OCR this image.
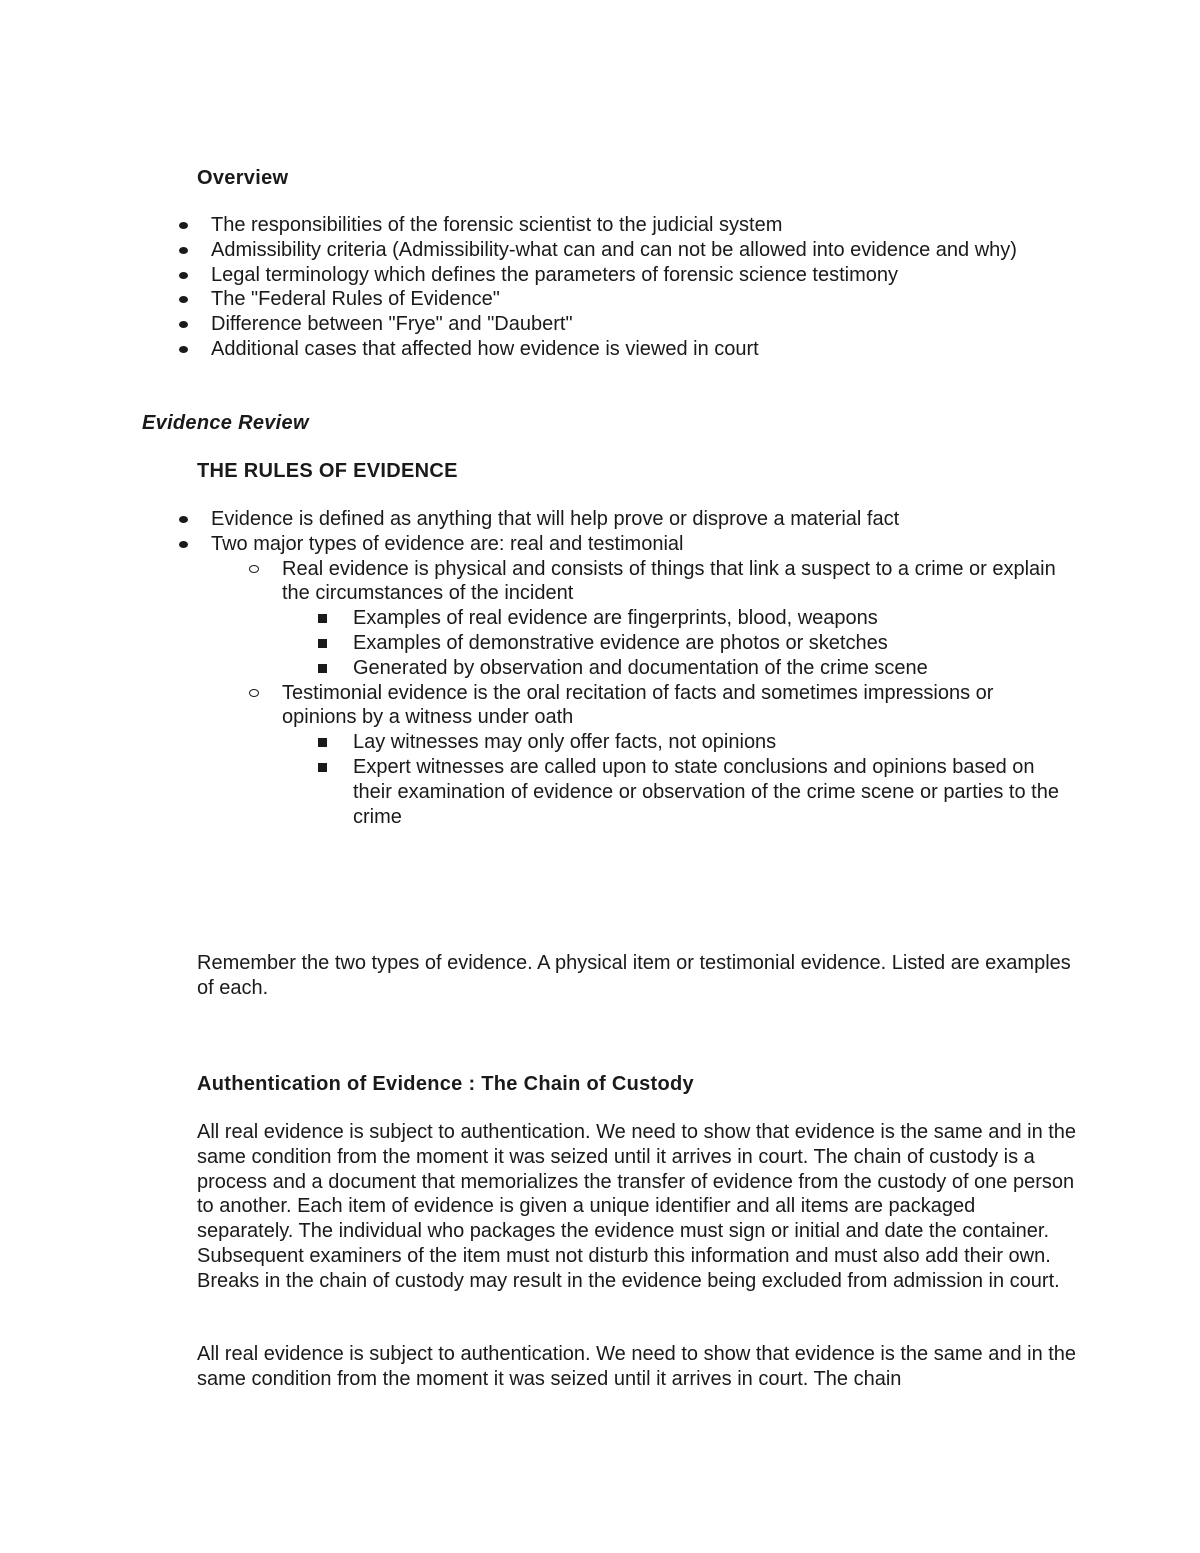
Overview
The responsibilities of the forensic scientist to the judicial system
Admissibility criteria (Admissibility-what can and can not be allowed into evidence and why)
Legal terminology which defines the parameters of forensic science testimony
The "Federal Rules of Evidence"
Difference between "Frye" and "Daubert"
Additional cases that affected how evidence is viewed in court
Evidence Review
THE RULES OF EVIDENCE
Evidence is defined as anything that will help prove or disprove a material fact
Two major types of evidence are: real and testimonial
Real evidence is physical and consists of things that link a suspect to a crime or explain the circumstances of the incident
Examples of real evidence are fingerprints, blood, weapons
Examples of demonstrative evidence are photos or sketches
Generated by observation and documentation of the crime scene
Testimonial evidence is the oral recitation of facts and sometimes impressions or opinions by a witness under oath
Lay witnesses may only offer facts, not opinions
Expert witnesses are called upon to state conclusions and opinions based on their examination of evidence or observation of the crime scene or parties to the crime

Remember the two types of evidence. A physical item or testimonial evidence. Listed are examples of each.

Authentication of Evidence : The Chain of Custody

All real evidence is subject to authentication. We need to show that evidence is the same and in the same condition from the moment it was seized until it arrives in court. The chain of custody is a process and a document that memorializes the transfer of evidence from the custody of one person to another. Each item of evidence is given a unique identifier and all items are packaged separately. The individual who packages the evidence must sign or initial and date the container. Subsequent examiners of the item must not disturb this information and must also add their own. Breaks in the chain of custody may result in the evidence being excluded from admission in court.

All real evidence is subject to authentication. We need to show that evidence is the same and in the same condition from the moment it was seized until it arrives in court. The chain
